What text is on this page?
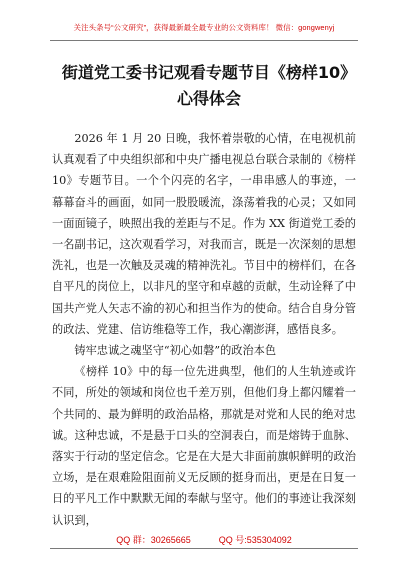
关注头条号“公文研究”，获得最新最全最专业的公文资料库！ 微信：gongwenyj
街道党工委书记观看专题节目《榜样10》心得体会

2026 年 1 月 20 日晚，我怀着崇敬的心情，在电视机前认真观看了中央组织部和中央广播电视总台联合录制的《榜样 10》专题节目。一个个闪亮的名字，一串串感人的事迹，一幕幕奋斗的画面，如同一股股暖流，涤荡着我的心灵；又如同一面面镜子，映照出我的差距与不足。作为 XX 街道党工委的一名副书记，这次观看学习，对我而言，既是一次深刻的思想洗礼，也是一次触及灵魂的精神洗礼。节目中的榜样们，在各自平凡的岗位上，以非凡的坚守和卓越的贡献，生动诠释了中国共产党人矢志不渝的初心和担当作为的使命。结合自身分管的政法、党建、信访维稳等工作，我心潮澎湃，感悟良多。

铸牢忠诚之魂坚守“初心如磐”的政治本色

《榜样 10》中的每一位先进典型，他们的人生轨迹或许不同，所处的领域和岗位也千差万别，但他们身上都闪耀着一个共同的、最为鲜明的政治品格，那就是对党和人民的绝对忠诚。这种忠诚，不是悬于口头的空洞表白，而是熔铸于血脉、落实于行动的坚定信念。它是在大是大非面前旗帜鲜明的政治立场，是在艰难险阻面前义无反顾的挺身而出，更是在日复一日的平凡工作中默默无闻的奉献与坚守。他们的事迹让我深刻认识到，

QQ 群：30265665	QQ 号:535304092
